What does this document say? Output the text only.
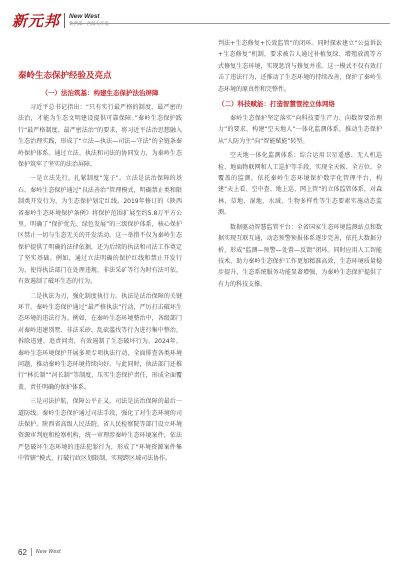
新元邦 New West
新西部 · 西部大开发
秦岭生态保护经验及亮点
（一）法治筑基：构建生态保护法治屏障

习近平总书记指出：“只有实行最严格的制度、最严密的法治，才能为生态文明建设提供可靠保障。”秦岭生态保护践行“最严格制度、最严密法治”的要求，将习近平法治思想融入生态治理实践，形成了“立法—执法—司法—守法”的全链条秦岭保护体系。通过立法、执法和司法的协同发力，为秦岭生态保护筑牢了坚实的法治屏障。

一是立法先行，扎紧制度“笼子”。立法是法治保障的基石。秦岭生态保护通过“良法善治”管理模式，明确禁止类和限制类开发行为，为生态保护划定红线。2019年修订的《陕西省秦岭生态环境保护条例》将保护范围扩展至约5.8万平方公里，明确了“保护优先、绿色发展”的三级保护体系，核心保护区禁止一切与生态无关的开发活动。这一举措不仅为秦岭生态保护提供了明确的法律依据，还为后续的执法和司法工作奠定了坚实基础。例如，通过立法明确的保护红线和禁止开发行为，使得执法部门在处理违规、非法采矿等行为时有法可依，有效遏制了破坏生态的行为。

二是执法为刃，强化制度执行力。执法是法治保障的关键环节。秦岭生态保护通过“最严格执法”行动，严厉打击破坏生态环境的违法行为。例如，在秦岭生态环境整治中，各级部门对秦岭违建别墅、非法采砂、乱砍滥伐等行为进行集中整治，拆除违建、追责问责，有效遏制了生态破坏行为。2024年，秦岭生态环境保护开展多项专项执法行动，全面排查各类环境问题，推动秦岭生态环境持续向好。与此同时，执法部门还推行“林长制”“河长制”等制度，压实生态保护责任，形成全面覆盖、责任明确的保护体系。

三是司法护航，保障公平正义。司法是法治保障的最后一道防线。秦岭生态保护通过司法手段，强化了对生态环境的司法保护。陕西省高级人民法院、省人民检察院等部门设立环境资源审判庭和检察机构，统一审理涉秦岭生态环境案件，依法严惩破坏生态环境的违法犯罪行为，形成了“环境资源案件集中管辖”模式，打破行政区划限制，实现跨区域司法协作。

判法+生态修复+长效监管”的闭环。同时探索建立“公益诉讼+生态修复”机制，要求被告人通过补植复绿、增殖放流等方式修复生态环境，实现惩罚与修复并重。这一模式不仅有效打击了违法行为，还推动了生态环境的持续改善，保护了秦岭生态环境的原真性和完整性。

（二）科技赋能：打造智慧管控立体网络

秦岭生态保护坚定落实“向科技要生产力、向数智要治理力”的要求，构建“空天地人”一体化监测体系，推动生态保护从“人防为主”向“智能赋能”转型。

空天地一体化监测体系：综合运用卫星遥感、无人机巡检、地面物联网和人工巡护等手段，实现全天候、全方位、全覆盖的监测。依托秦岭生态环境保护数字化管理平台，构建“天上看、空中查、地上巡、网上管”的立体监管体系，对森林、草地、湿地、水域、生物多样性等生态要素实施动态监测。

数据驱动智慧监管平台：全省国家生态环境监测站点和数据实现互联互通，动态预警预报体系逐步完善，依托大数据分析，形成“监测—预警—处置—反馈”闭环。同时应用人工智能技术，助力秦岭生态保护工作更加精准高效，生态环境质量稳步提升，生态系统服务功能显著增强，为秦岭生态保护提供了有力的科技支撑。

62 New West
